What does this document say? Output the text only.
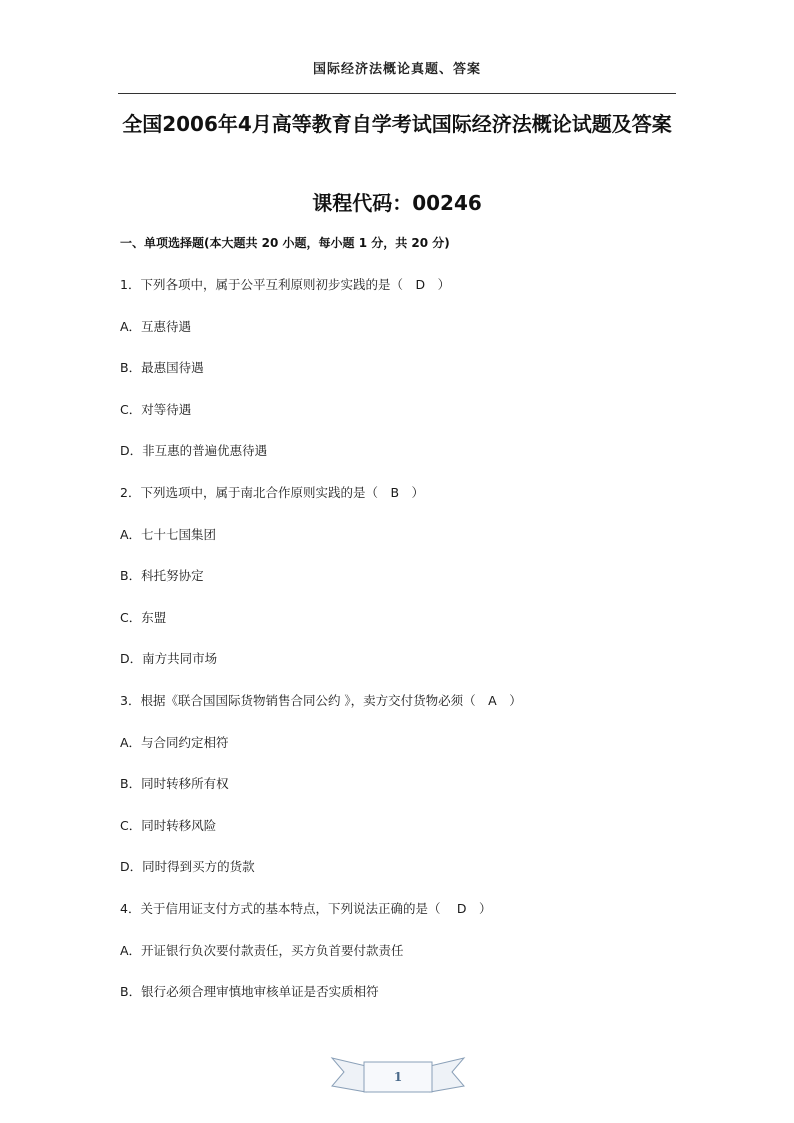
国际经济法概论真题、答案
全国2006年4月高等教育自学考试国际经济法概论试题及答案
课程代码：00246
一、单项选择题(本大题共 20 小题，每小题 1 分，共 20 分)
1．下列各项中，属于公平互利原则初步实践的是（　D　）
A．互惠待遇
B．最惠国待遇
C．对等待遇
D．非互惠的普遍优惠待遇
2．下列选项中，属于南北合作原则实践的是（　B　）
A．七十七国集团
B．科托努协定
C．东盟
D．南方共同市场
3．根据《联合国国际货物销售合同公约 》，卖方交付货物必须（　A　）
A．与合同约定相符
B．同时转移所有权
C．同时转移风险
D．同时得到买方的货款
4．关于信用证支付方式的基本特点，下列说法正确的是（　 D　）
A．开证银行负次要付款责任，买方负首要付款责任
B．银行必须合理审慎地审核单证是否实质相符
1
